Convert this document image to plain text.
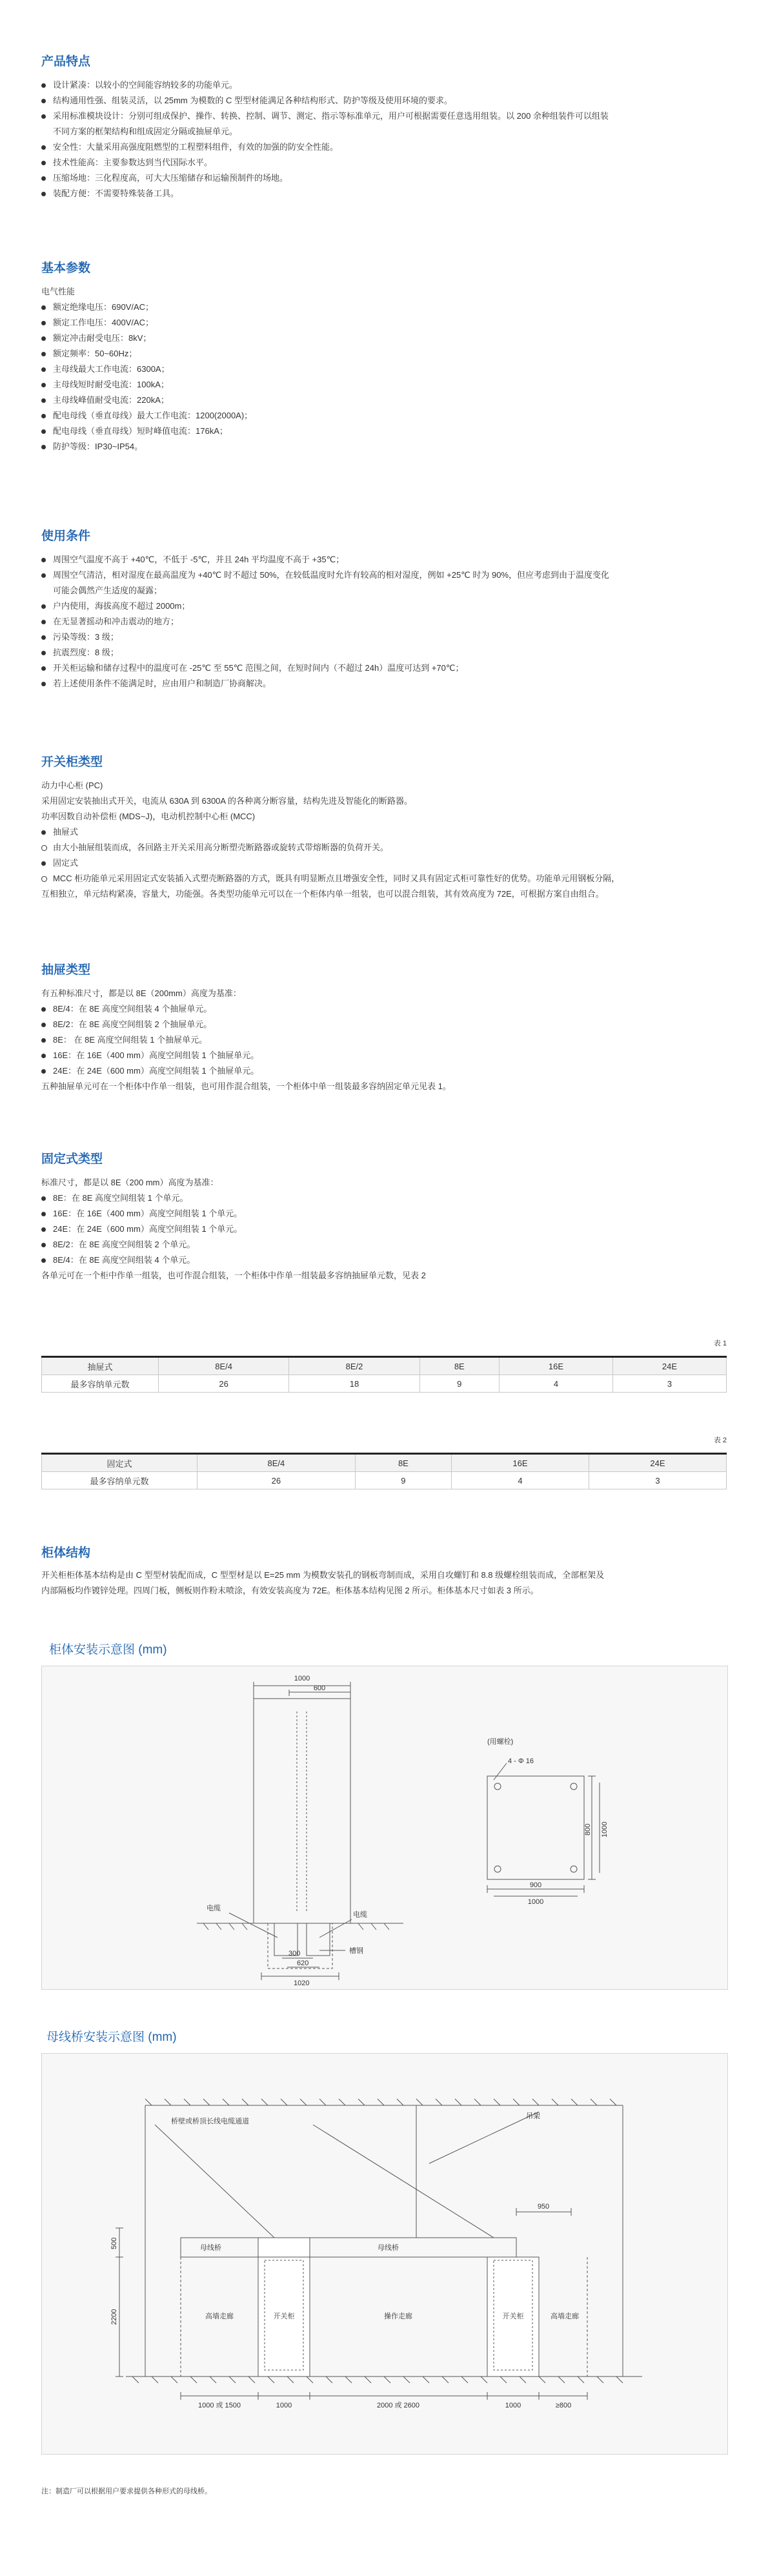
产品特点
设计紧凑：以较小的空间能容纳较多的功能单元。
结构通用性强、组装灵活，以 25mm 为模数的 C 型型材能满足各种结构形式、防护等级及使用环境的要求。
采用标准模块设计：分别可组成保护、操作、转换、控制、调节、测定、指示等标准单元，用户可根据需要任意选用组装。以 200 余种组装件可以组装
不同方案的框架结构和组成固定分隔或抽屉单元。
安全性：大量采用高强度阻燃型的工程塑料组件，有效的加强的防安全性能。
技术性能高：主要参数达到当代国际水平。
压缩场地：三化程度高，可大大压缩储存和运输预制件的场地。
装配方便：不需要特殊装备工具。
基本参数
电气性能
额定绝缘电压：690V/AC；
额定工作电压：400V/AC；
额定冲击耐受电压：8kV；
额定频率：50~60Hz；
主母线最大工作电流：6300A；
主母线短时耐受电流：100kA；
主母线峰值耐受电流：220kA；
配电母线（垂直母线）最大工作电流：1200(2000A)；
配电母线（垂直母线）短时峰值电流：176kA；
防护等级：IP30~IP54。
使用条件
周围空气温度不高于 +40℃，不低于 -5℃，并且 24h 平均温度不高于 +35℃；
周围空气清洁，相对湿度在最高温度为 +40℃ 时不超过 50%，在较低温度时允许有较高的相对湿度，例如 +25℃ 时为 90%，但应考虑到由于温度变化
可能会偶然产生适度的凝露；
户内使用，海拔高度不超过 2000m；
在无显著摇动和冲击震动的地方；
污染等级：3 级；
抗震烈度：8 级；
开关柜运输和储存过程中的温度可在 -25℃ 至 55℃ 范围之间，在短时间内（不超过 24h）温度可达到 +70℃；
若上述使用条件不能满足时，应由用户和制造厂协商解决。
开关柜类型
动力中心柜 (PC)
采用固定安装抽出式开关，电流从 630A 到 6300A 的各种离分断容量，结构先进及智能化的断路器。
功率因数自动补偿柜 (MDS~J)，电动机控制中心柜 (MCC)
抽屉式
由大小抽屉组装而成，各回路主开关采用高分断塑壳断路器或旋转式带熔断器的负荷开关。
固定式
MCC 柜功能单元采用固定式安装插入式塑壳断路器的方式，既具有明显断点且增强安全性，同时又具有固定式柜可靠性好的优势。功能单元用钢板分隔，
互相独立，单元结构紧凑，容量大，功能强。各类型功能单元可以在一个柜体内单一组装，也可以混合组装，其有效高度为 72E，可根据方案自由组合。
抽屉类型
有五种标准尺寸，都是以 8E（200mm）高度为基准：
8E/4：在 8E 高度空间组装 4 个抽屉单元。
8E/2：在 8E 高度空间组装 2 个抽屉单元。
8E： 在 8E 高度空间组装 1 个抽屉单元。
16E：在 16E（400 mm）高度空间组装 1 个抽屉单元。
24E：在 24E（600 mm）高度空间组装 1 个抽屉单元。
五种抽屉单元可在一个柜体中作单一组装，也可用作混合组装，一个柜体中单一组装最多容纳固定单元见表 1。
固定式类型
标准尺寸，都是以 8E（200 mm）高度为基准：
8E：在 8E 高度空间组装 1 个单元。
16E：在 16E（400 mm）高度空间组装 1 个单元。
24E：在 24E（600 mm）高度空间组装 1 个单元。
8E/2：在 8E 高度空间组装 2 个单元。
8E/4：在 8E 高度空间组装 4 个单元。
各单元可在一个柜中作单一组装，也可作混合组装，一个柜体中作单一组装最多容纳抽屉单元数，见表 2
表 1
抽屉式	8E/4	8E/2	8E	16E	24E
最多容纳单元数	26	18	9	4	3
表 2
固定式	8E/4	8E	16E	24E
最多容纳单元数	26	9	4	3
柜体结构
开关柜柜体基本结构是由 C 型型材装配而成，C 型型材是以 E=25 mm 为模数安装孔的钢板弯制而成，采用自攻螺钉和 8.8 级螺栓组装而成，全部框架及
内部隔板均作镀锌处理。四周门板，侧板则作粉末喷涂，有效安装高度为 72E。柜体基本结构见图 2 所示。柜体基本尺寸如表 3 所示。
柜体安装示意图 (mm)
1000
600
电缆
电缆
300
620
1020
槽钢
(用螺栓)
4 - Φ 16
900
1000
800 1000
母线桥安装示意图 (mm)
桥壁或桥顶长线电缆通道
吊架
950
500
2200
母线桥	母线桥
高墙走廊	开关柜	操作走廊	开关柜	高墙走廊
1000 或 1500	1000	2000 或 2600	1000	≥800
注：制造厂可以根据用户要求提供各种形式的母线桥。
